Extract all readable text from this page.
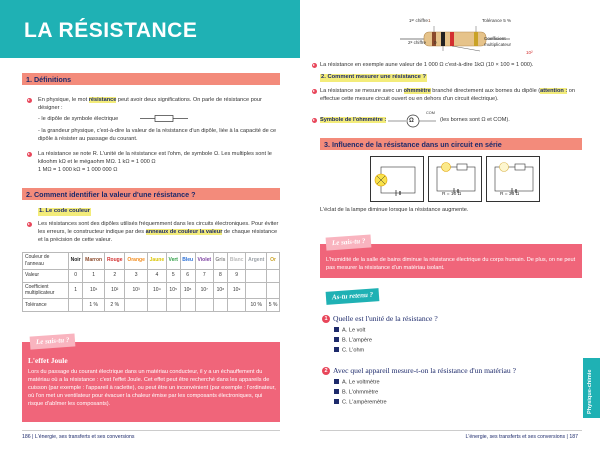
LA RÉSISTANCE
1. Définitions
En physique, le mot résistance peut avoir deux significations. On parle de résistance pour désigner :
- le dipôle de symbole électrique
- la grandeur physique, c'est-à-dire la valeur de la résistance d'un dipôle, liée à la capacité de ce dipôle à résister au passage du courant.
La résistance se note R. L'unité de la résistance est l'ohm, de symbole Ω. Les multiples sont le kiloohm kΩ et le mégaohm MΩ. 1 kΩ = 1 000 Ω
1 MΩ = 1 000 kΩ = 1 000 000 Ω
2. Comment identifier la valeur d'une résistance ?
1. Le code couleur
Les résistances sont des dipôles utilisés fréquemment dans les circuits électroniques. Pour éviter les erreurs, le constructeur indique par des anneaux de couleur la valeur de chaque résistance et la précision de cette valeur.
Couleur de l'anneau	Noir	Marron	Rouge	Orange	Jaune	Vert	Bleu	Violet	Gris	Blanc	Argent	Or
Valeur	0	1	2	3	4	5	6	7	8	9		
Coefficient multiplicateur	1	10¹	10²	10³	10⁴	10⁵	10⁶	10⁷	10⁸	10⁹		
Tolérance		1 %	2 %								10 %	5 %
Le sais-tu ?
L'effet Joule
Lors du passage du courant électrique dans un matériau conducteur, il y a un échauffement du matériau où a la résistance : c'est l'effet Joule. Cet effet peut être recherché dans les appareils de cuisson (par exemple : l'appareil à raclette), ou peut être un inconvénient (par exemple : l'ordinateur, où l'on met un ventilateur pour évacuer la chaleur émise par les composants électroniques, qui risque d'abîmer les composants).
186 | L'énergie, ses transferts et ses conversions
1ᵉʳ chiffre 1
2ᵉ chiffre 0
Tolérance 5 %
Coefficient multiplicateur
10²
La résistance en exemple aune valeur de 1 000 Ω c'est-à-dire 1kΩ (10 × 100 = 1 000).
2. Comment mesurer une résistance ?
La résistance se mesure avec un ohmmètre branché directement aux bornes du dipôle (attention : on effectue cette mesure circuit ouvert ou en dehors d'un circuit électrique).
Symbole de l'ohmmètre :	Ω
COM
(les bornes sont Ω et COM).
3. Influence de la résistance dans un circuit en série
R = 10 Ω	R = 33 Ω
L'éclat de la lampe diminue lorsque la résistance augmente.
Le sais-tu ?
L'humidité de la salle de bains diminue la résistance électrique du corps humain. De plus, on ne peut pas mesurer la résistance d'un matériau isolant.
As-tu retenu ?
1 Quelle est l'unité de la résistance ?
A. Le volt
B. L'ampère
C. L'ohm
2 Avec quel appareil mesure-t-on la résistance d'un matériau ?
A. Le voltmètre
B. L'ohmmètre
C. L'ampèremètre
L'énergie, ses transferts et ses conversions | 187
Physique-chimie
